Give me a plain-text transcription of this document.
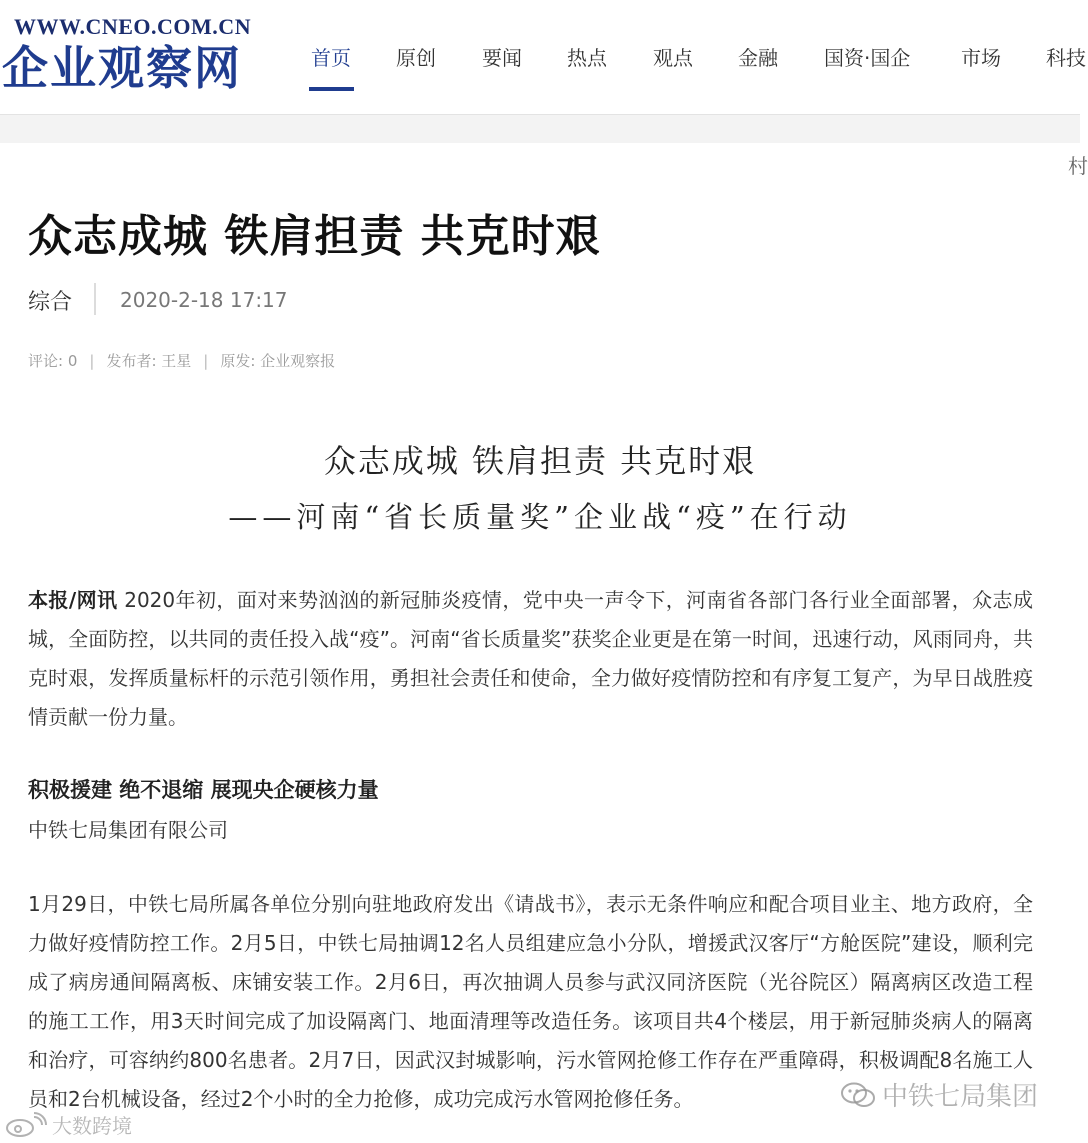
WWW.CNEO.COM.CN
企业观察网	首页 原创 要闻 热点 观点 金融 国资·国企	市场 科技
村
众志成城 铁肩担责 共克时艰
综合 2020-2-18 17:17
评论: 0 | 发布者: 王星 | 原发: 企业观察报
众志成城 铁肩担责 共克时艰
——河南“省长质量奖”企业战“疫”在行动

本报/网讯 2020年初，面对来势汹汹的新冠肺炎疫情，党中央一声令下，河南省各部门各行业全面部署，众志成城，全面防控，以共同的责任投入战“疫”。河南“省长质量奖”获奖企业更是在第一时间，迅速行动，风雨同舟，共克时艰，发挥质量标杆的示范引领作用，勇担社会责任和使命，全力做好疫情防控和有序复工复产，为早日战胜疫情贡献一份力量。

积极援建 绝不退缩 展现央企硬核力量
中铁七局集团有限公司

1月29日，中铁七局所属各单位分别向驻地政府发出《请战书》，表示无条件响应和配合项目业主、地方政府，全力做好疫情防控工作。2月5日，中铁七局抽调12名人员组建应急小分队，增援武汉客厅“方舱医院”建设，顺利完成了病房通间隔离板、床铺安装工作。2月6日，再次抽调人员参与武汉同济医院（光谷院区）隔离病区改造工程的施工工作，用3天时间完成了加设隔离门、地面清理等改造任务。该项目共4个楼层，用于新冠肺炎病人的隔离和治疗，可容纳约800名患者。2月7日，因武汉封城影响，污水管网抢修工作存在严重障碍，积极调配8名施工人员和2台机械设备，经过2个小时的全力抢修，成功完成污水管网抢修任务。	中铁七局集团
大数跨境
